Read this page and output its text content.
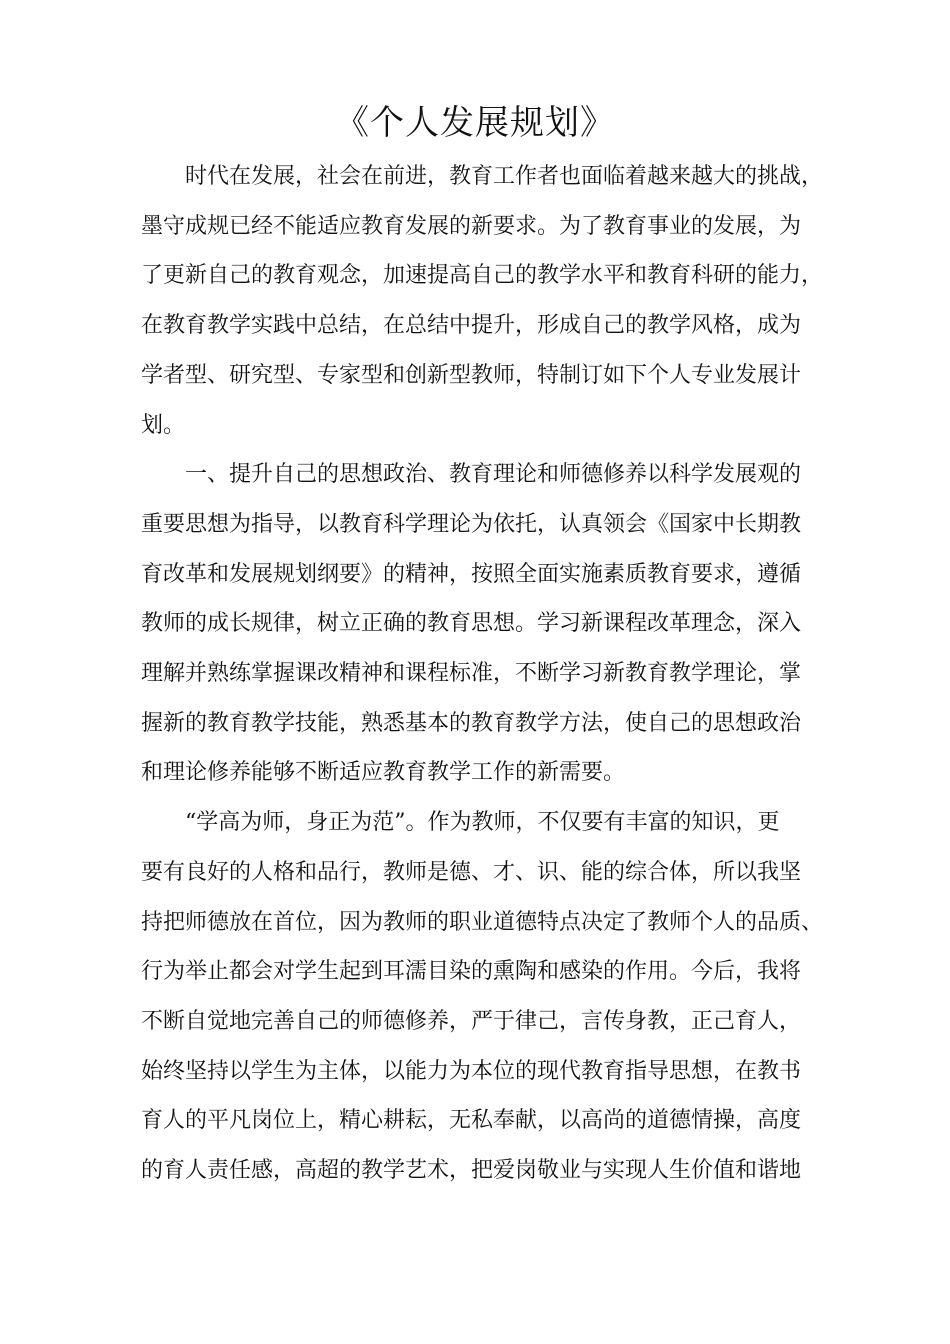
《个人发展规划》
　　时代在发展，社会在前进，教育工作者也面临着越来越大的挑战，
墨守成规已经不能适应教育发展的新要求。为了教育事业的发展，为
了更新自己的教育观念，加速提高自己的教学水平和教育科研的能力，
在教育教学实践中总结，在总结中提升，形成自己的教学风格，成为
学者型、研究型、专家型和创新型教师，特制订如下个人专业发展计
划。
　　一、提升自己的思想政治、教育理论和师德修养以科学发展观的
重要思想为指导，以教育科学理论为依托，认真领会《国家中长期教
育改革和发展规划纲要》的精神，按照全面实施素质教育要求，遵循
教师的成长规律，树立正确的教育思想。学习新课程改革理念，深入
理解并熟练掌握课改精神和课程标准，不断学习新教育教学理论，掌
握新的教育教学技能，熟悉基本的教育教学方法，使自己的思想政治
和理论修养能够不断适应教育教学工作的新需要。
　　“学高为师，身正为范”。作为教师，不仅要有丰富的知识，更
要有良好的人格和品行，教师是德、才、识、能的综合体，所以我坚
持把师德放在首位，因为教师的职业道德特点决定了教师个人的品质、
行为举止都会对学生起到耳濡目染的熏陶和感染的作用。今后，我将
不断自觉地完善自己的师德修养，严于律己，言传身教，正己育人，
始终坚持以学生为主体，以能力为本位的现代教育指导思想，在教书
育人的平凡岗位上，精心耕耘，无私奉献，以高尚的道德情操，高度
的育人责任感，高超的教学艺术，把爱岗敬业与实现人生价值和谐地
